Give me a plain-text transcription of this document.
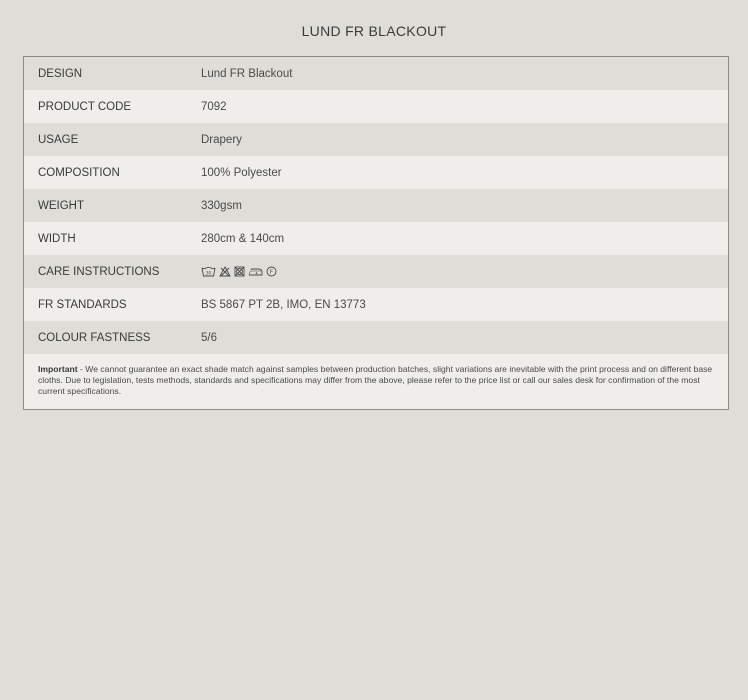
LUND FR BLACKOUT
DESIGN	Lund FR Blackout
PRODUCT CODE	7092
USAGE	Drapery
COMPOSITION	100% Polyester
WEIGHT	330gsm
WIDTH	280cm & 140cm
CARE INSTRUCTIONS	30	F
FR STANDARDS	BS 5867 PT 2B, IMO, EN 13773
COLOUR FASTNESS	5/6
Important - We cannot guarantee an exact shade match against samples between production batches, slight variations are inevitable with the print process and on different base cloths. Due to legislation, tests methods, standards and specifications may differ from the above, please refer to the price list or call our sales desk for confirmation of the most current specifications.
